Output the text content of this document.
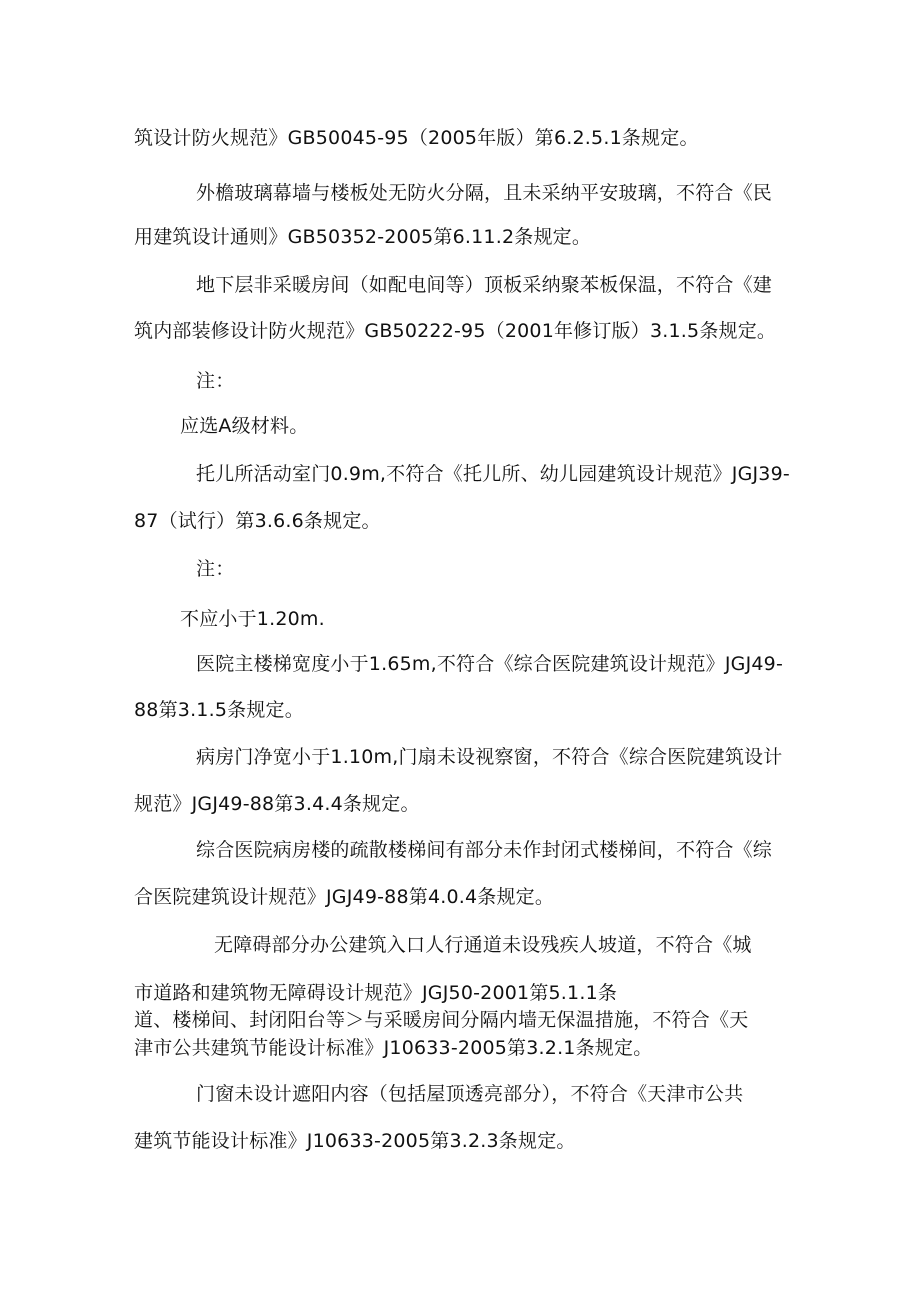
筑设计防火规范》GB50045-95（2005年版）第6.2.5.1条规定。
外檐玻璃幕墙与楼板处无防火分隔，且未采纳平安玻璃，不符合《民
用建筑设计通则》GB50352-2005第6.11.2条规定。
地下层非采暖房间（如配电间等）顶板采纳聚苯板保温，不符合《建
筑内部装修设计防火规范》GB50222-95（2001年修订版）3.1.5条规定。
注：
应选A级材料。
托儿所活动室门0.9m,不符合《托儿所、幼儿园建筑设计规范》JGJ39-
87（试行）第3.6.6条规定。
注：
不应小于1.20m.
医院主楼梯宽度小于1.65m,不符合《综合医院建筑设计规范》JGJ49-
88第3.1.5条规定。
病房门净宽小于1.10m,门扇未设视察窗，不符合《综合医院建筑设计
规范》JGJ49-88第3.4.4条规定。
综合医院病房楼的疏散楼梯间有部分未作封闭式楼梯间，不符合《综
合医院建筑设计规范》JGJ49-88第4.0.4条规定。
无障碍部分办公建筑入口人行通道未设残疾人坡道，不符合《城
市道路和建筑物无障碍设计规范》JGJ50-2001第5.1.1条
道、楼梯间、封闭阳台等＞与采暖房间分隔内墙无保温措施，不符合《天
津市公共建筑节能设计标准》J10633-2005第3.2.1条规定。
门窗未设计遮阳内容（包括屋顶透亮部分），不符合《天津市公共
建筑节能设计标准》J10633-2005第3.2.3条规定。
